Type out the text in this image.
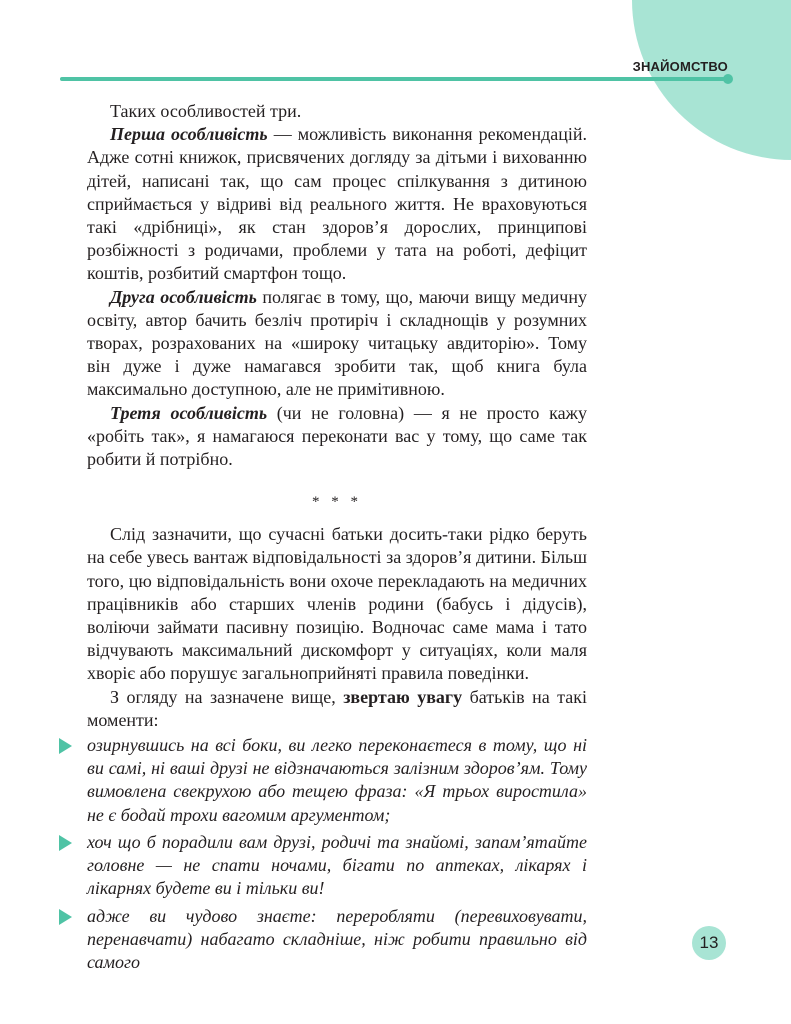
ЗНАЙОМСТВО

Таких особливостей три.

Перша особливість — можливість виконання рекомендацій. Адже сотні книжок, присвячених догляду за дітьми і вихованню дітей, написані так, що сам процес спілкування з дитиною сприймається у відриві від реального життя. Не враховуються такі «дрібниці», як стан здоров’я дорослих, принципові розбіжності з родичами, проблеми у тата на роботі, дефіцит коштів, розбитий смартфон тощо.

Друга особливість полягає в тому, що, маючи вищу медичну освіту, автор бачить безліч протиріч і складнощів у розумних творах, розрахованих на «широку читацьку авдиторію». Тому він дуже і дуже намагався зробити так, щоб книга була максимально доступною, але не примітивною.

Третя особливість (чи не головна) — я не просто кажу «робіть так», я намагаюся переконати вас у тому, що саме так робити й потрібно.

* * *

Слід зазначити, що сучасні батьки досить-таки рідко беруть на себе увесь вантаж відповідальності за здоров’я дитини. Більш того, цю відповідальність вони охоче перекладають на медичних працівників або старших членів родини (бабусь і дідусів), воліючи займати пасивну позицію. Водночас саме мама і тато відчувають максимальний дискомфорт у ситуаціях, коли маля хворіє або порушує загальноприйняті правила поведінки.

З огляду на зазначене вище, звертаю увагу батьків на такі моменти:

озирнувшись на всі боки, ви легко переконаєтеся в тому, що ні ви самі, ні ваші друзі не відзначаються залізним здоров’ям. Тому вимовлена свекрухою або тещею фраза: «Я трьох виростила» не є бодай трохи вагомим аргументом;
хоч що б порадили вам друзі, родичі та знайомі, запам’ятайте головне — не спати ночами, бігати по аптеках, лікарях і лікарнях будете ви і тільки ви!
адже ви чудово знаєте: переробляти (перевиховувати, перенавчати) набагато складніше, ніж робити правильно від самого
13
